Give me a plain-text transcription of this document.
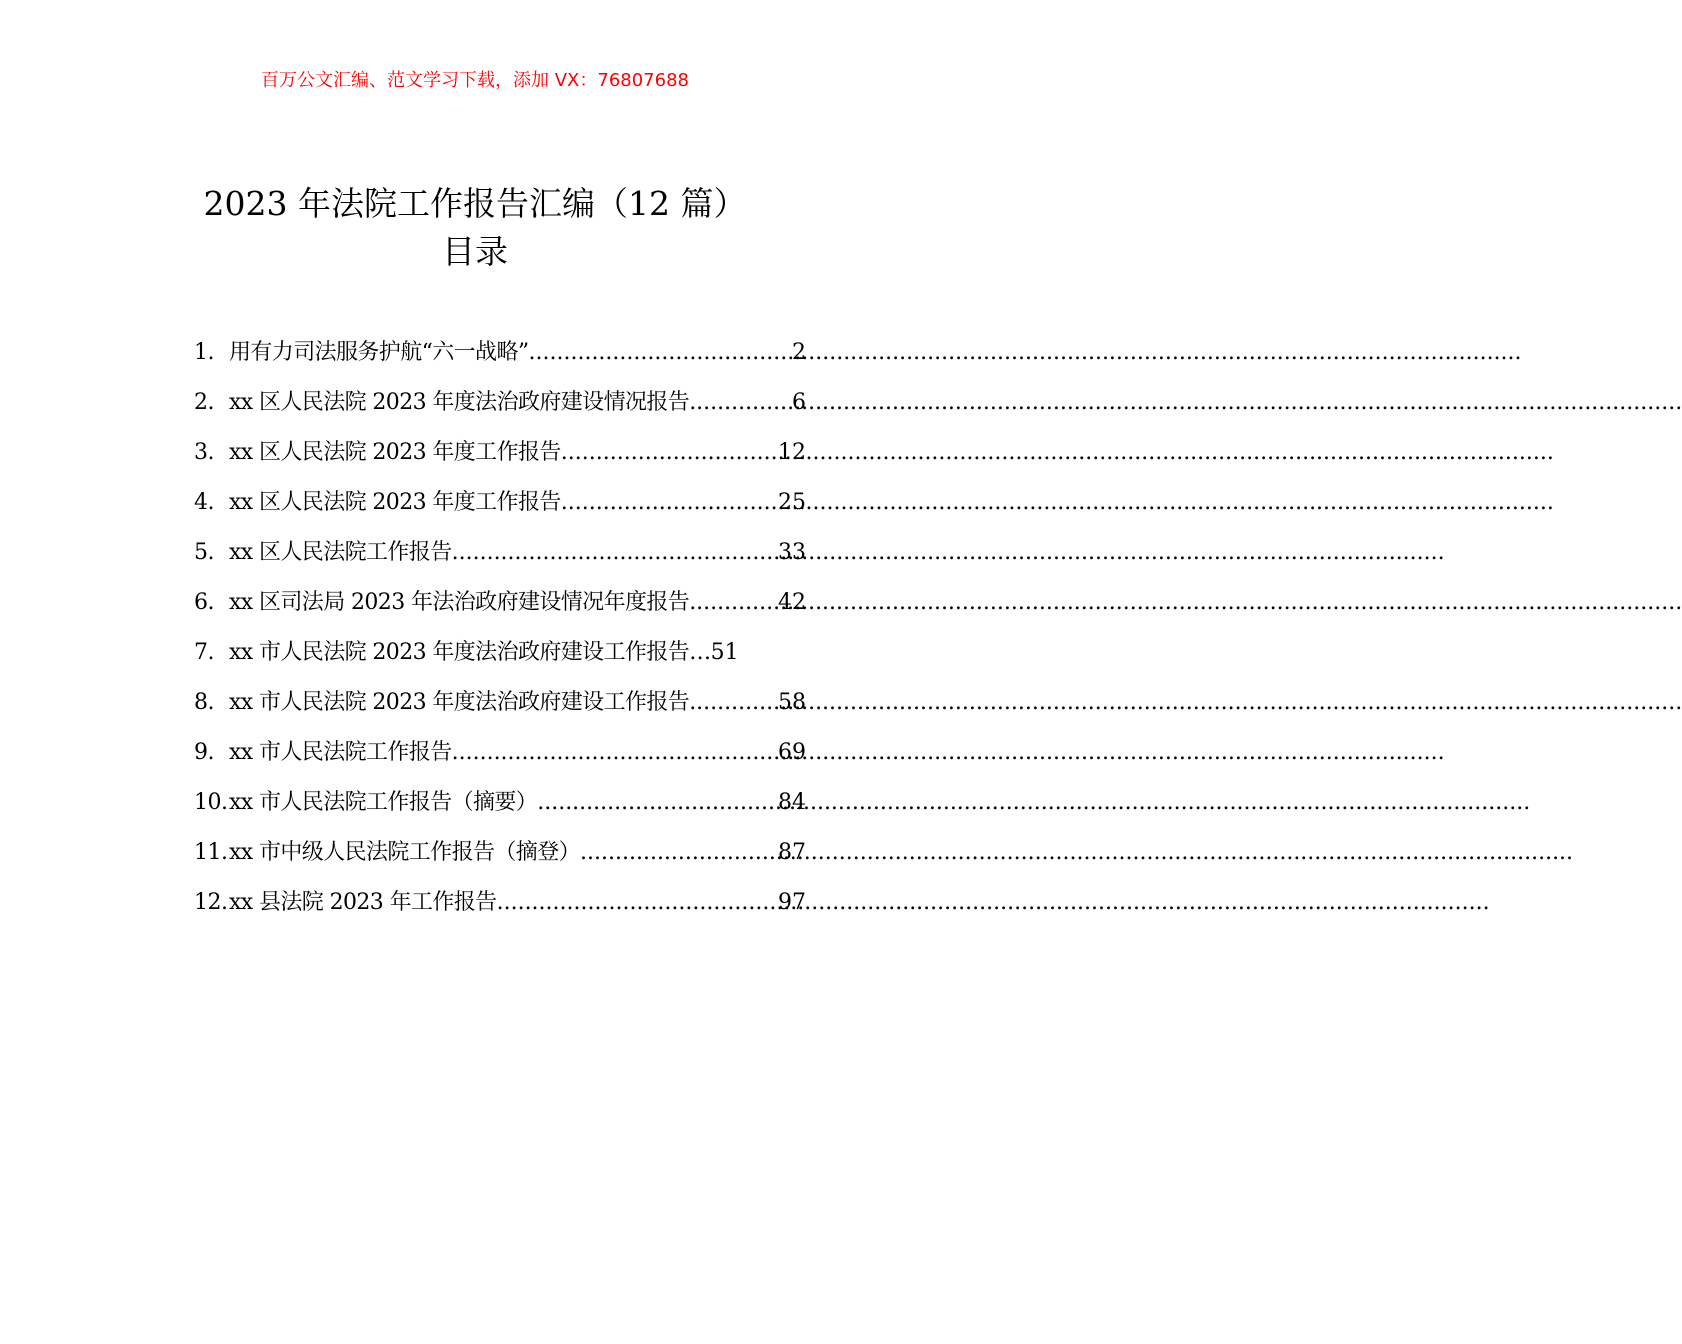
百万公文汇编、范文学习下载，添加 VX：76807688
2023 年法院工作报告汇编（12 篇）
目录
1. 用有力司法服务护航“六一战略” .....	2
2. xx 区人民法院 2023 年度法治政府建设情况报告 .....	6
3. xx 区人民法院 2023 年度工作报告 .....	12
4. xx 区人民法院 2023 年度工作报告 .....	25
5. xx 区人民法院工作报告 .....	33
6. xx 区司法局 2023 年法治政府建设情况年度报告 .....	42
7. xx 市人民法院 2023 年度法治政府建设工作报告… 51
8. xx 市人民法院 2023 年度法治政府建设工作报告 .....	58
9. xx 市人民法院工作报告 .....	69
10. xx 市人民法院工作报告（摘要） .....	84
11. xx 市中级人民法院工作报告（摘登） .....	87
12. xx 县法院 2023 年工作报告 .....	97
